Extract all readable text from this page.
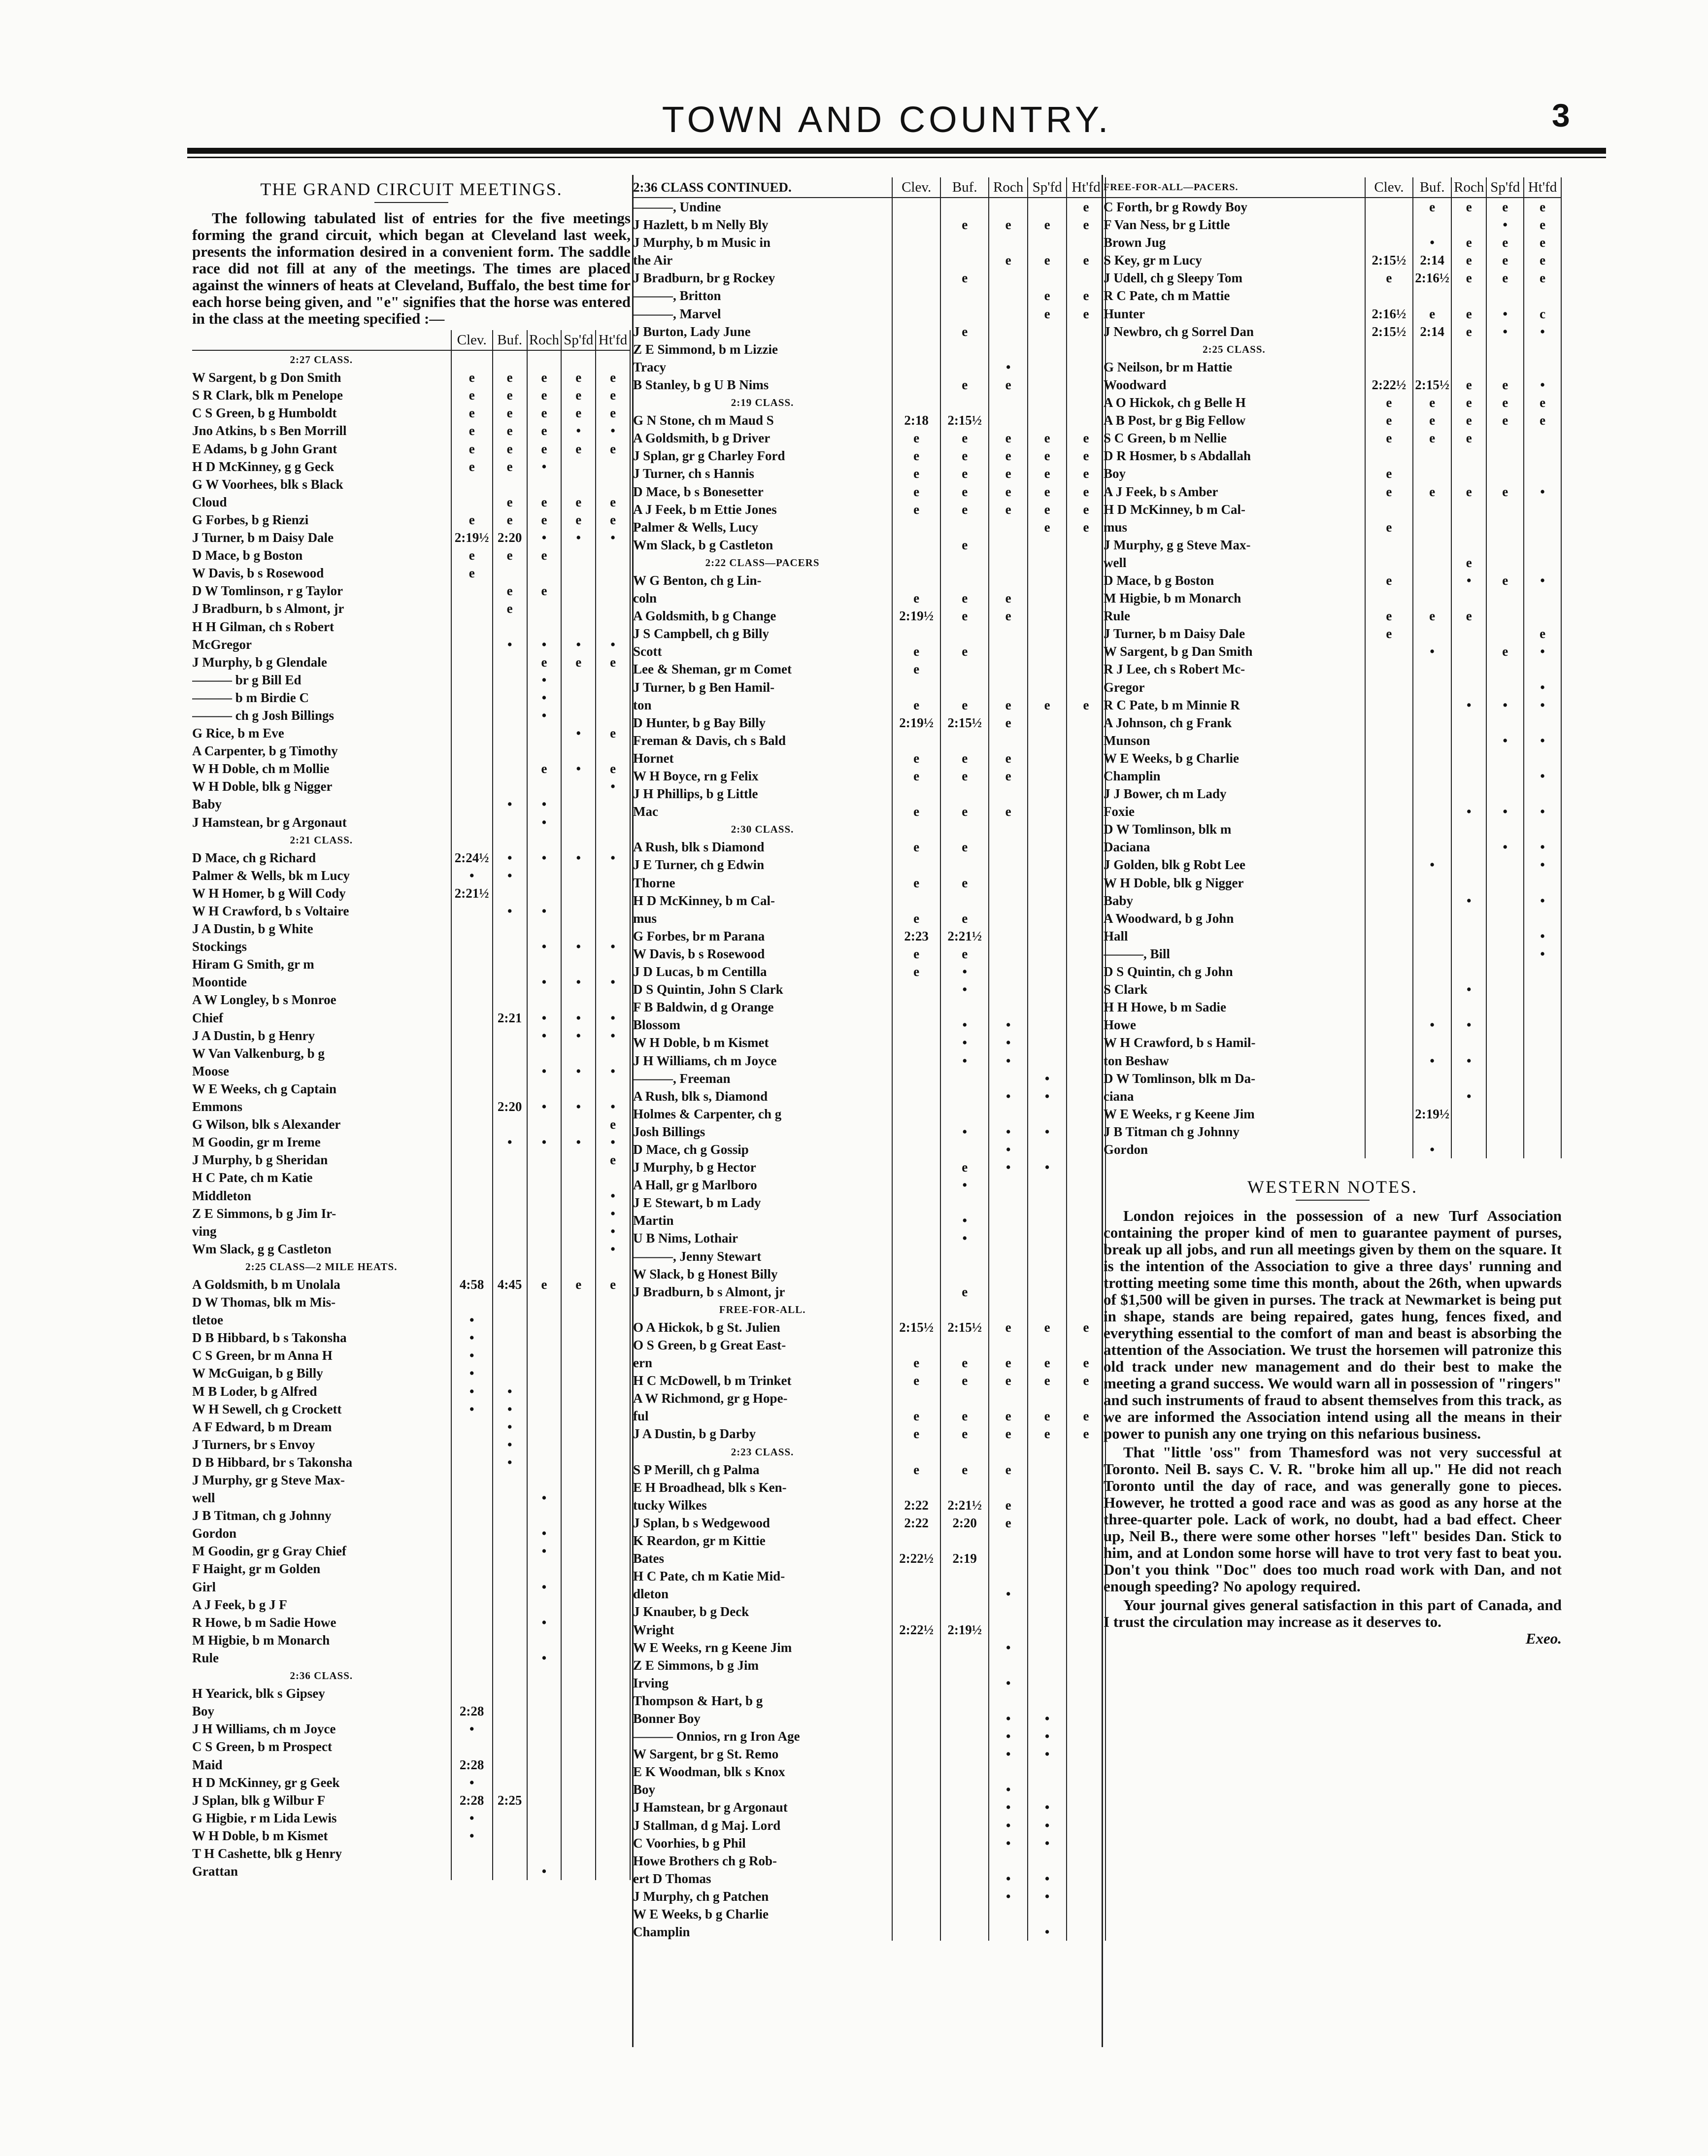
TOWN AND COUNTRY.	3
THE GRAND CIRCUIT MEETINGS.
The following tabulated list of entries for the five meetings forming the grand circuit, which began at Cleveland last week, presents the information desired in a convenient form. The saddle race did not fill at any of the meetings. The times are placed against the winners of heats at Cleveland, Buffalo, the best time for each horse being given, and "e" signifies that the horse was entered in the class at the meeting specified :—
	Clev.	Buf.	Roch	Sp'fd	Ht'fd
2:27 CLASS.					
W Sargent, b g Don Smith	e	e	e	e	e
S R Clark, blk m Penelope	e	e	e	e	e
C S Green, b g Humboldt	e	e	e	e	e
Jno Atkins, b s Ben Morrill	e	e	e	•	•
E Adams, b g John Grant	e	e	e	e	e
H D McKinney, g g Geck	e	e	•		
G W Voorhees, blk s Black					
Cloud		e	e	e	e
G Forbes, b g Rienzi	e	e	e	e	e
J Turner, b m Daisy Dale	2:19½	2:20	•	•	•
D Mace, b g Boston	e	e	e		
W Davis, b s Rosewood	e				
D W Tomlinson, r g Taylor		e	e		
J Bradburn, b s Almont, jr		e			
H H Gilman, ch s Robert					
McGregor		•	•	•	•
J Murphy, b g Glendale			e	e	e
——— br g Bill Ed			•		
——— b m Birdie C			•		
——— ch g Josh Billings			•		
G Rice, b m Eve				•	e
A Carpenter, b g Timothy					
W H Doble, ch m Mollie			e	•	e
W H Doble, blk g Nigger					•
Baby		•	•		
J Hamstean, br g Argonaut			•		
2:21 CLASS.					
D Mace, ch g Richard	2:24½	•	•	•	•
Palmer & Wells, bk m Lucy	•	•			
W H Homer, b g Will Cody	2:21½				
W H Crawford, b s Voltaire		•	•		
J A Dustin, b g White					
Stockings			•	•	•
Hiram G Smith, gr m					
Moontide			•	•	•
A W Longley, b s Monroe					
Chief		2:21	•	•	•
J A Dustin, b g Henry			•	•	•
W Van Valkenburg, b g					
Moose			•	•	•
W E Weeks, ch g Captain					
Emmons		2:20	•	•	•
G Wilson, blk s Alexander					e
M Goodin, gr m Ireme		•	•	•	•
J Murphy, b g Sheridan					e
H C Pate, ch m Katie					
Middleton					•
Z E Simmons, b g Jim Ir-					•
ving					•
Wm Slack, g g Castleton					•
2:25 CLASS—2 MILE HEATS.					
A Goldsmith, b m Unolala	4:58	4:45	e	e	e
D W Thomas, blk m Mis-					
tletoe	•				
D B Hibbard, b s Takonsha	•				
C S Green, br m Anna H	•				
W McGuigan, b g Billy	•				
M B Loder, b g Alfred	•	•			
W H Sewell, ch g Crockett	•	•			
A F Edward, b m Dream		•			
J Turners, br s Envoy		•			
D B Hibbard, br s Takonsha		•			
J Murphy, gr g Steve Max-					
well			•		
J B Titman, ch g Johnny					
Gordon			•		
M Goodin, gr g Gray Chief			•		
F Haight, gr m Golden					
Girl			•		
A J Feek, b g J F					
R Howe, b m Sadie Howe			•		
M Higbie, b m Monarch					
Rule			•		
2:36 CLASS.					
H Yearick, blk s Gipsey					
Boy	2:28				
J H Williams, ch m Joyce	•				
C S Green, b m Prospect					
Maid	2:28				
H D McKinney, gr g Geek	•				
J Splan, blk g Wilbur F	2:28	2:25			
G Higbie, r m Lida Lewis	•				
W H Doble, b m Kismet	•				
T H Cashette, blk g Henry					
Grattan			•		
2:36 CLASS CONTINUED.	Clev.	Buf.	Roch	Sp'fd	Ht'fd
———, Undine					e
J Hazlett, b m Nelly Bly		e	e	e	e
J Murphy, b m Music in					
the Air			e	e	e
J Bradburn, br g Rockey		e			
———, Britton				e	e
———, Marvel				e	e
J Burton, Lady June		e			
Z E Simmond, b m Lizzie					
Tracy			•		
B Stanley, b g U B Nims		e	e		
2:19 CLASS.					
G N Stone, ch m Maud S	2:18	2:15½			
A Goldsmith, b g Driver	e	e	e	e	e
J Splan, gr g Charley Ford	e	e	e	e	e
J Turner, ch s Hannis	e	e	e	e	e
D Mace, b s Bonesetter	e	e	e	e	e
A J Feek, b m Ettie Jones	e	e	e	e	e
Palmer & Wells, Lucy				e	e
Wm Slack, b g Castleton		e			
2:22 CLASS—PACERS					
W G Benton, ch g Lin-					
coln	e	e	e		
A Goldsmith, b g Change	2:19½	e	e		
J S Campbell, ch g Billy					
Scott	e	e			
Lee & Sheman, gr m Comet	e				
J Turner, b g Ben Hamil-					
ton	e	e	e	e	e
D Hunter, b g Bay Billy	2:19½	2:15½	e		
Freman & Davis, ch s Bald					
Hornet	e	e	e		
W H Boyce, rn g Felix	e	e	e		
J H Phillips, b g Little					
Mac	e	e	e		
2:30 CLASS.					
A Rush, blk s Diamond	e	e			
J E Turner, ch g Edwin					
Thorne	e	e			
H D McKinney, b m Cal-					
mus	e	e			
G Forbes, br m Parana	2:23	2:21½			
W Davis, b s Rosewood	e	e			
J D Lucas, b m Centilla	e	•			
D S Quintin, John S Clark		•			
F B Baldwin, d g Orange					
Blossom		•	•		
W H Doble, b m Kismet		•	•		
J H Williams, ch m Joyce		•	•		
———, Freeman				•	
A Rush, blk s, Diamond			•	•	
Holmes & Carpenter, ch g					
Josh Billings		•	•	•	
D Mace, ch g Gossip			•		
J Murphy, b g Hector		e	•	•	
A Hall, gr g Marlboro		•			
J E Stewart, b m Lady					
Martin		•			
U B Nims, Lothair		•			
———, Jenny Stewart					
W Slack, b g Honest Billy					
J Bradburn, b s Almont, jr		e			
FREE-FOR-ALL.					
O A Hickok, b g St. Julien	2:15½	2:15½	e	e	e
O S Green, b g Great East-					
ern	e	e	e	e	e
H C McDowell, b m Trinket	e	e	e	e	e
A W Richmond, gr g Hope-					
ful	e	e	e	e	e
J A Dustin, b g Darby	e	e	e	e	e
2:23 CLASS.					
S P Merill, ch g Palma	e	e	e		
E H Broadhead, blk s Ken-					
tucky Wilkes	2:22	2:21½	e		
J Splan, b s Wedgewood	2:22	2:20	e		
K Reardon, gr m Kittie					
Bates	2:22½	2:19			
H C Pate, ch m Katie Mid-					
dleton			•		
J Knauber, b g Deck					
Wright	2:22½	2:19½			
W E Weeks, rn g Keene Jim			•		
Z E Simmons, b g Jim					
Irving			•		
Thompson & Hart, b g					
Bonner Boy			•	•	
——— Onnios, rn g Iron Age			•	•	
W Sargent, br g St. Remo			•	•	
E K Woodman, blk s Knox					
Boy			•		
J Hamstean, br g Argonaut			•	•	
J Stallman, d g Maj. Lord			•	•	
C Voorhies, b g Phil			•	•	
Howe Brothers ch g Rob-					
ert D Thomas			•	•	
J Murphy, ch g Patchen			•	•	
W E Weeks, b g Charlie					
Champlin				•	
FREE-FOR-ALL—PACERS.	Clev.	Buf.	Roch	Sp'fd	Ht'fd
C Forth, br g Rowdy Boy		e	e	e	e
F Van Ness, br g Little				•	e
Brown Jug		•	e	e	e
S Key, gr m Lucy	2:15½	2:14	e	e	e
J Udell, ch g Sleepy Tom	e	2:16½	e	e	e
R C Pate, ch m Mattie					
Hunter	2:16½	e	e	•	c
J Newbro, ch g Sorrel Dan	2:15½	2:14	e	•	•
2:25 CLASS.					
G Neilson, br m Hattie					
Woodward	2:22½	2:15½	e	e	•
A O Hickok, ch g Belle H	e	e	e	e	e
A B Post, br g Big Fellow	e	e	e	e	e
S C Green, b m Nellie	e	e	e		
D R Hosmer, b s Abdallah					
Boy	e				
A J Feek, b s Amber	e	e	e	e	•
H D McKinney, b m Cal-					
mus	e				
J Murphy, g g Steve Max-					
well			e		
D Mace, b g Boston	e		•	e	•
M Higbie, b m Monarch					
Rule	e	e	e		
J Turner, b m Daisy Dale	e				e
W Sargent, b g Dan Smith		•		e	•
R J Lee, ch s Robert Mc-					
Gregor					•
R C Pate, b m Minnie R			•	•	•
A Johnson, ch g Frank					
Munson				•	•
W E Weeks, b g Charlie					
Champlin					•
J J Bower, ch m Lady					
Foxie			•	•	•
D W Tomlinson, blk m					
Daciana				•	•
J Golden, blk g Robt Lee		•			•
W H Doble, blk g Nigger					
Baby			•		•
A Woodward, b g John					
Hall					•
———, Bill					•
D S Quintin, ch g John					
S Clark			•		
H H Howe, b m Sadie					
Howe		•	•		
W H Crawford, b s Hamil-					
ton Beshaw		•	•		
D W Tomlinson, blk m Da-					
ciana			•		
W E Weeks, r g Keene Jim		2:19½			
J B Titman ch g Johnny					
Gordon		•			
WESTERN NOTES.
London rejoices in the possession of a new Turf Association containing the proper kind of men to guarantee payment of purses, break up all jobs, and run all meetings given by them on the square. It is the intention of the Association to give a three days' running and trotting meeting some time this month, about the 26th, when upwards of $1,500 will be given in purses. The track at Newmarket is being put in shape, stands are being repaired, gates hung, fences fixed, and everything essential to the comfort of man and beast is absorbing the attention of the Association. We trust the horsemen will patronize this old track under new management and do their best to make the meeting a grand success. We would warn all in possession of "ringers" and such instruments of fraud to absent themselves from this track, as we are informed the Association intend using all the means in their power to punish any one trying on this nefarious business.
That "little 'oss" from Thamesford was not very successful at Toronto. Neil B. says C. V. R. "broke him all up." He did not reach Toronto until the day of race, and was generally gone to pieces. However, he trotted a good race and was as good as any horse at the three-quarter pole. Lack of work, no doubt, had a bad effect. Cheer up, Neil B., there were some other horses "left" besides Dan. Stick to him, and at London some horse will have to trot very fast to beat you. Don't you think "Doc" does too much road work with Dan, and not enough speeding? No apology required.
Your journal gives general satisfaction in this part of Canada, and I trust the circulation may increase as it deserves to.
Exeo.
